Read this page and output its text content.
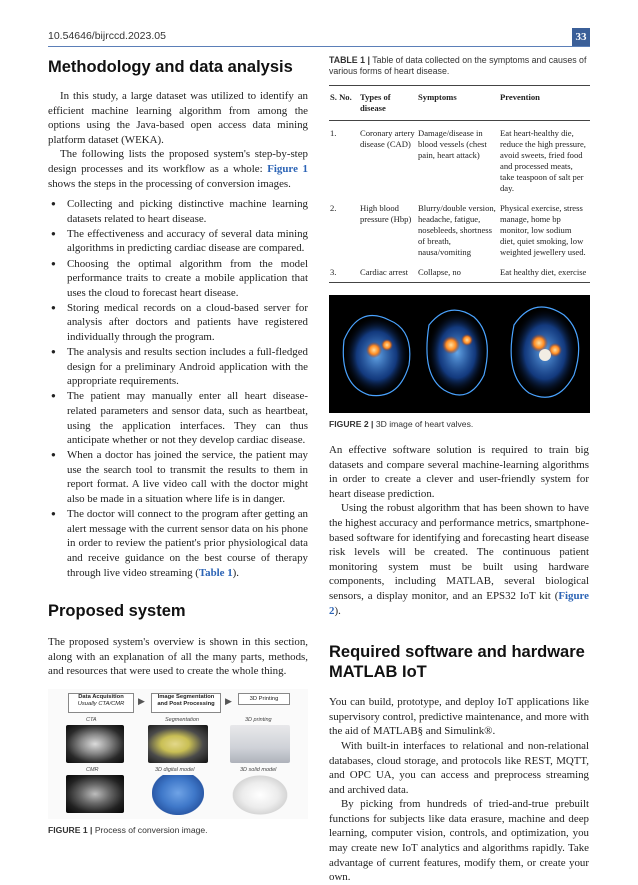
10.54646/bijrccd.2023.05	33
Methodology and data analysis

In this study, a large dataset was utilized to identify an efficient machine learning algorithm from among the options using the Java-based open access data mining platform dataset (WEKA).

The following lists the proposed system's step-by-step design processes and its workflow as a whole: Figure 1 shows the steps in the processing of conversion images.

● Collecting and picking distinctive machine learning datasets related to heart disease.
● The effectiveness and accuracy of several data mining algorithms in predicting cardiac disease are compared.
● Choosing the optimal algorithm from the model performance traits to create a mobile application that uses the cloud to forecast heart disease.
● Storing medical records on a cloud-based server for analysis after doctors and patients have registered individually through the program.
● The analysis and results section includes a full-fledged design for a preliminary Android application with the appropriate requirements.
● The patient may manually enter all heart disease-related parameters and sensor data, such as heartbeat, using the application interfaces. They can thus anticipate whether or not they develop cardiac disease.
● When a doctor has joined the service, the patient may use the search tool to transmit the results to them in report format. A live video call with the doctor might also be made in a situation where life is in danger.
● The doctor will connect to the program after getting an alert message with the current sensor data on his phone in order to review the patient's prior physiological data and receive guidance on the best course of therapy through live video streaming (Table 1).
Proposed system

The proposed system's overview is shown in this section, along with an explanation of all the many parts, methods, and resources that were used to create the whole thing.

Data Acquisition
Usually CTA/CMR	▶	Image Segmentation
and Post Processing	▶	3D Printing
CTA	Segmentation	3D printing
CMR	3D digital model	3D solid model

FIGURE 1 | Process of conversion image.

TABLE 1 | Table of data collected on the symptoms and causes of various forms of heart disease.

S. No.	Types of disease	Symptoms	Prevention
1.	Coronary artery disease (CAD)	Damage/disease in blood vessels (chest pain, heart attack)	Eat heart-healthy die, reduce the high pressure, avoid sweets, fried food and processed meats, take teaspoon of salt per day.
2.	High blood pressure (Hbp)	Blurry/double version, headache, fatigue, nosebleeds, shortness of breath, nausa/vomiting	Physical exercise, stress manage, home bp monitor, low sodium diet, quiet smoking, low weighted jewellery used.
3.	Cardiac arrest	Collapse, no	Eat healthy diet, exercise

FIGURE 2 | 3D image of heart valves.

An effective software solution is required to train big datasets and compare several machine-learning algorithms in order to create a clever and user-friendly system for heart disease prediction.

Using the robust algorithm that has been shown to have the highest accuracy and performance metrics, smartphone-based software for identifying and forecasting heart disease risk levels will be created. The continuous patient monitoring system must be built using hardware components, including MATLAB, several biological sensors, a display monitor, and an EPS32 IoT kit (Figure 2).

Required software and hardware MATLAB IoT

You can build, prototype, and deploy IoT applications like supervisory control, predictive maintenance, and more with the aid of MATLAB§ and Simulink®.

With built-in interfaces to relational and non-relational databases, cloud storage, and protocols like REST, MQTT, and OPC UA, you can access and preprocess streaming and archived data.

By picking from hundreds of tried-and-true prebuilt functions for subjects like data erasure, machine and deep learning, computer vision, controls, and optimization, you may create new IoT analytics and algorithms rapidly. Take advantage of current features, modify them, or create your own.
